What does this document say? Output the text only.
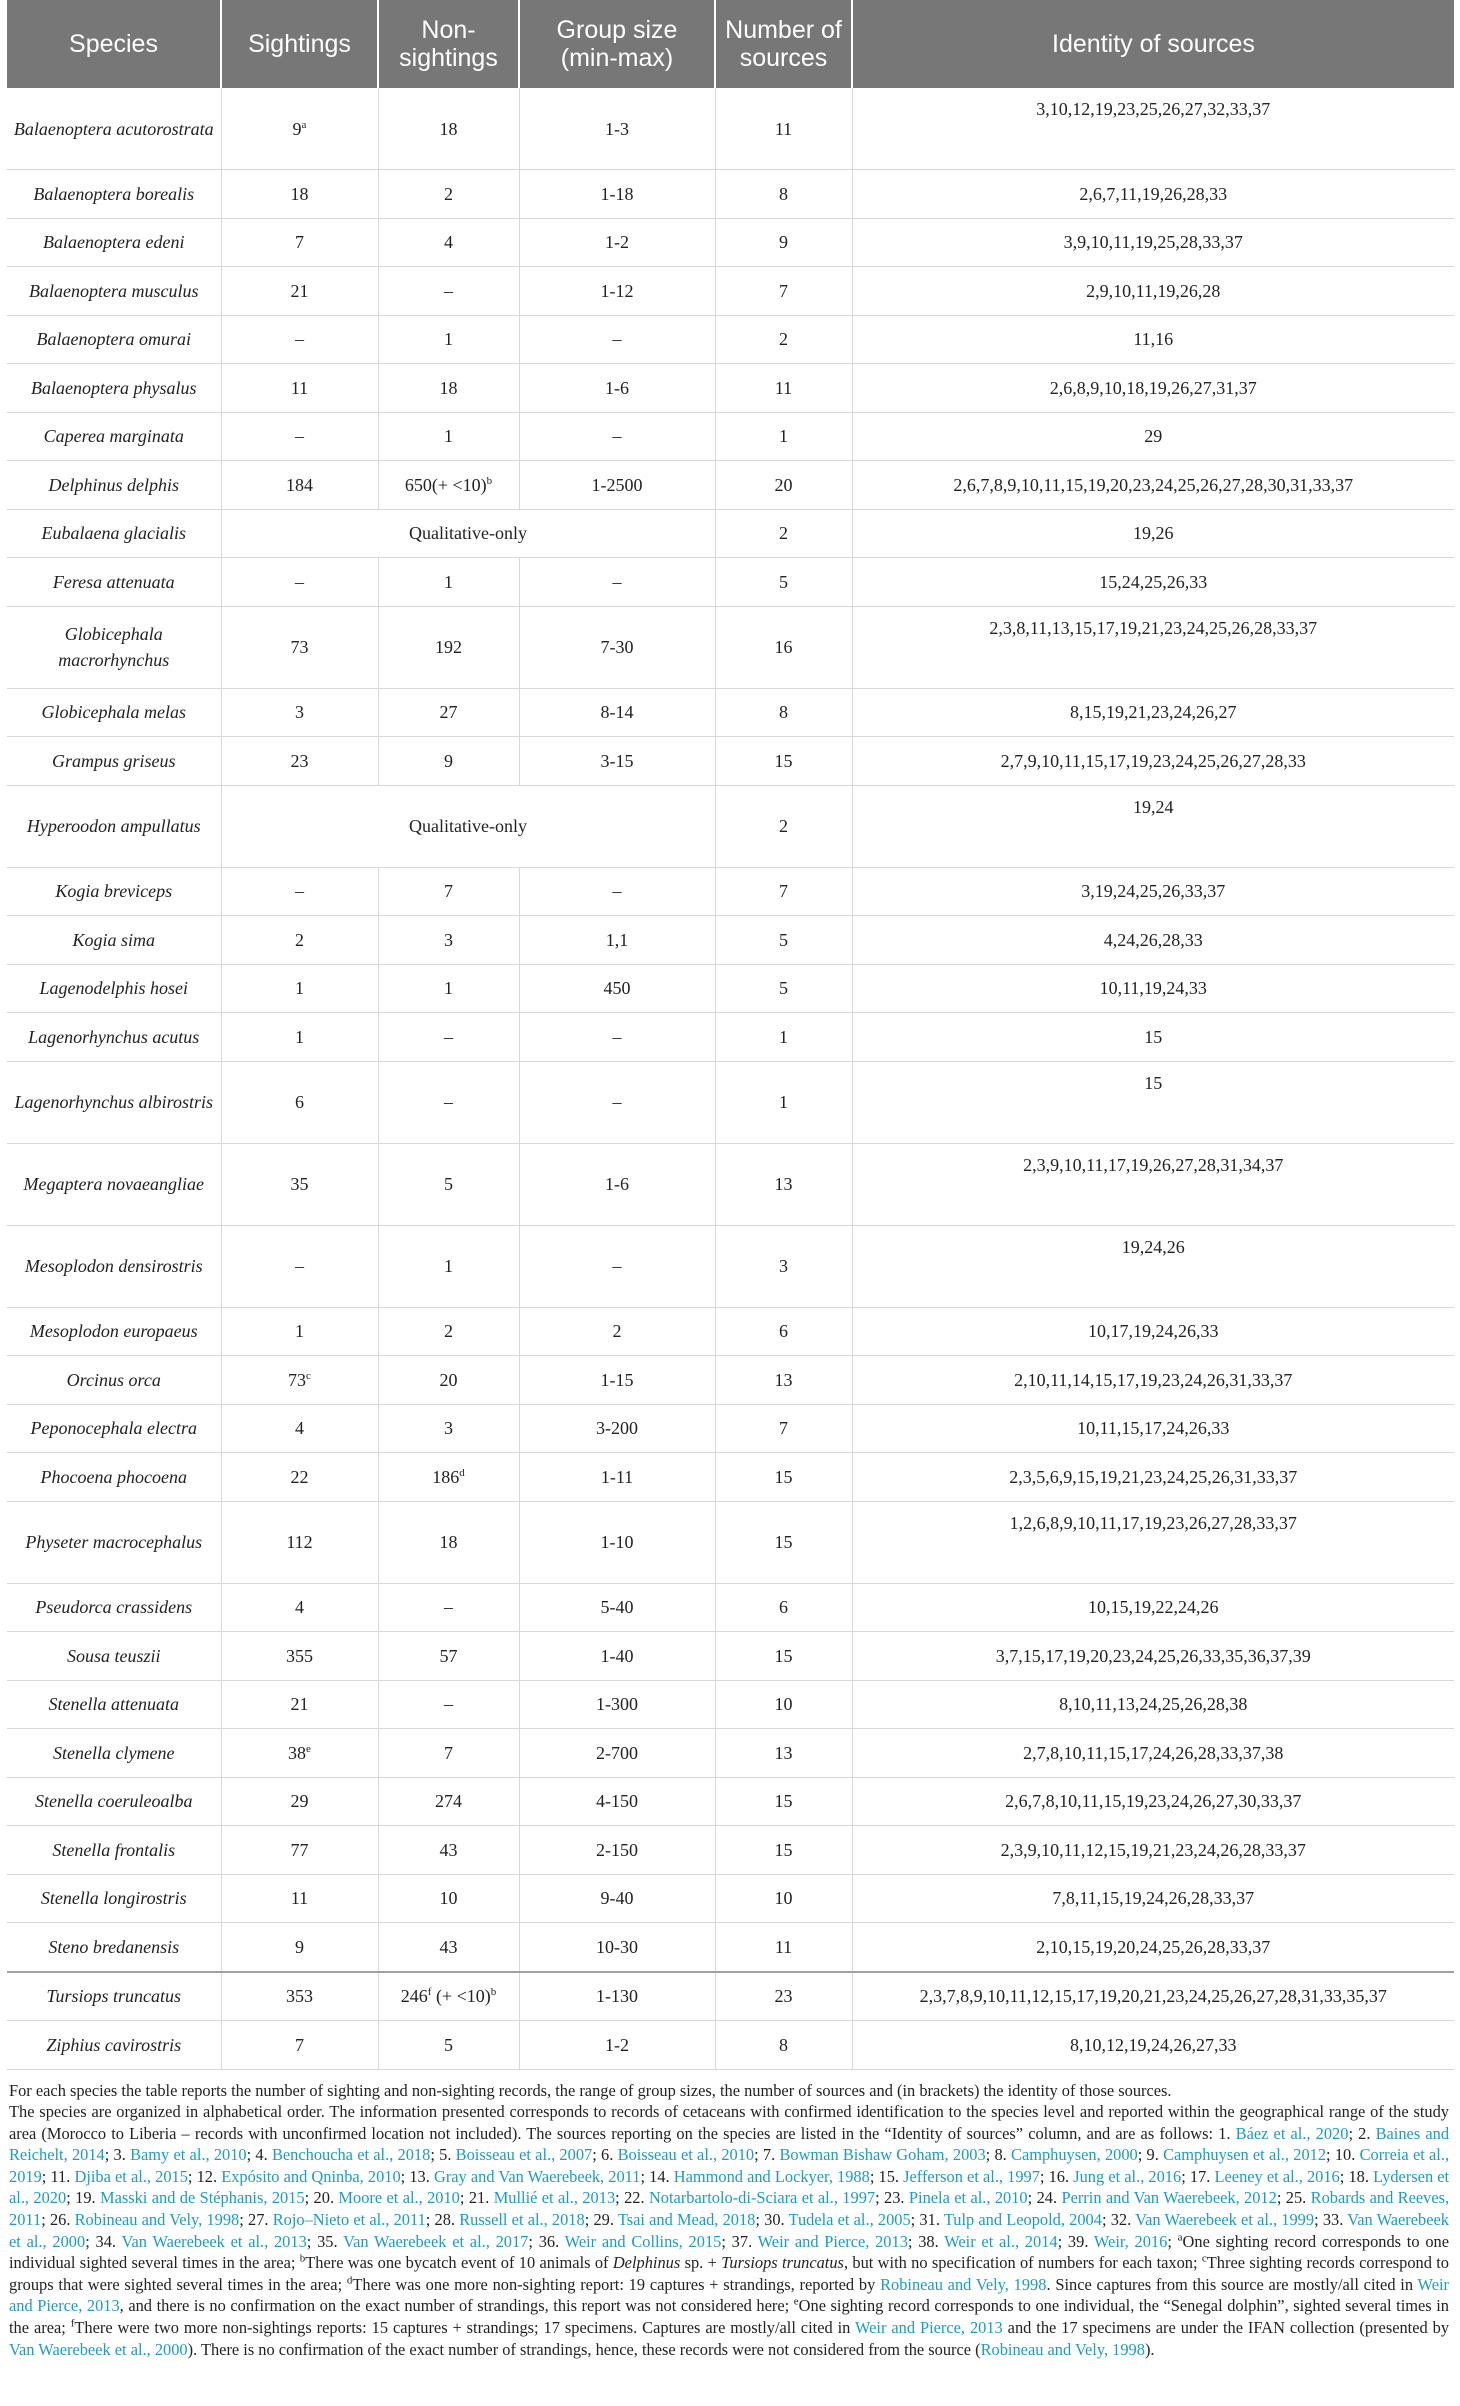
Species	Sightings	Non-sightings	Group size (min-max)	Number of sources	Identity of sources
Balaenoptera acutorostrata	9$^a$	18	1-3	11	3,10,12,19,23,25,26,27,32,33,37
Balaenoptera borealis	18	2	1-18	8	2,6,7,11,19,26,28,33
Balaenoptera edeni	7	4	1-2	9	3,9,10,11,19,25,28,33,37
Balaenoptera musculus	21	–	1-12	7	2,9,10,11,19,26,28
Balaenoptera omurai	–	1	–	2	11,16
Balaenoptera physalus	11	18	1-6	11	2,6,8,9,10,18,19,26,27,31,37
Caperea marginata	–	1	–	1	29
Delphinus delphis	184	650(+ <10)$^b$	1-2500	20	2,6,7,8,9,10,11,15,19,20,23,24,25,26,27,28,30,31,33,37
Eubalaena glacialis	Qualitative-only			2	19,26
Feresa attenuata	–	1	–	5	15,24,25,26,33
Globicephala macrorhynchus	73	192	7-30	16	2,3,8,11,13,15,17,19,21,23,24,25,26,28,33,37
Globicephala melas	3	27	8-14	8	8,15,19,21,23,24,26,27
Grampus griseus	23	9	3-15	15	2,7,9,10,11,15,17,19,23,24,25,26,27,28,33
Hyperoodon ampullatus	Qualitative-only			2	19,24
Kogia breviceps	–	7	–	7	3,19,24,25,26,33,37
Kogia sima	2	3	1,1	5	4,24,26,28,33
Lagenodelphis hosei	1	1	450	5	10,11,19,24,33
Lagenorhynchus acutus	1	–	–	1	15
Lagenorhynchus albirostris	6	–	–	1	15
Megaptera novaeangliae	35	5	1-6	13	2,3,9,10,11,17,19,26,27,28,31,34,37
Mesoplodon densirostris	–	1	–	3	19,24,26
Mesoplodon europaeus	1	2	2	6	10,17,19,24,26,33
Orcinus orca	73$^c$	20	1-15	13	2,10,11,14,15,17,19,23,24,26,31,33,37
Peponocephala electra	4	3	3-200	7	10,11,15,17,24,26,33
Phocoena phocoena	22	186$^d$	1-11	15	2,3,5,6,9,15,19,21,23,24,25,26,31,33,37
Physeter macrocephalus	112	18	1-10	15	1,2,6,8,9,10,11,17,19,23,26,27,28,33,37
Pseudorca crassidens	4	–	5-40	6	10,15,19,22,24,26
Sousa teuszii	355	57	1-40	15	3,7,15,17,19,20,23,24,25,26,33,35,36,37,39
Stenella attenuata	21	–	1-300	10	8,10,11,13,24,25,26,28,38
Stenella clymene	38e	7	2-700	13	2,7,8,10,11,15,17,24,26,28,33,37,38
Stenella coeruleoalba	29	274	4-150	15	2,6,7,8,10,11,15,19,23,24,26,27,30,33,37
Stenella frontalis	77	43	2-150	15	2,3,9,10,11,12,15,19,21,23,24,26,28,33,37
Stenella longirostris	11	10	9-40	10	7,8,11,15,19,24,26,28,33,37
Steno bredanensis	9	43	10-30	11	2,10,15,19,20,24,25,26,28,33,37
Tursiops truncatus	353	246$^f$ (+ <10)$^b$	1-130	23	2,3,7,8,9,10,11,12,15,17,19,20,21,23,24,25,26,27,28,31,33,35,37
Ziphius cavirostris	7	5	1-2	8	8,10,12,19,24,26,27,33

For each species the table reports the number of sighting and non-sighting records, the range of group sizes, the number of sources and (in brackets) the identity of those sources.

The species are organized in alphabetical order. The information presented corresponds to records of cetaceans with confirmed identification to the species level and reported within the geographical range of the study area (Morocco to Liberia – records with unconfirmed location not included). The sources reporting on the species are listed in the “Identity of sources” column, and are as follows: 1. Báez et al., 2020; 2. Baines and Reichelt, 2014; 3. Bamy et al., 2010; 4. Benchoucha et al., 2018; 5. Boisseau et al., 2007; 6. Boisseau et al., 2010; 7. Bowman Bishaw Goham, 2003; 8. Camphuysen, 2000; 9. Camphuysen et al., 2012; 10. Correia et al., 2019; 11. Djiba et al., 2015; 12. Expósito and Qninba, 2010; 13. Gray and Van Waerebeek, 2011; 14. Hammond and Lockyer, 1988; 15. Jefferson et al., 1997; 16. Jung et al., 2016; 17. Leeney et al., 2016; 18. Lydersen et al., 2020; 19. Masski and de Stéphanis, 2015; 20. Moore et al., 2010; 21. Mullié et al., 2013; 22. Notarbartolo-di-Sciara et al., 1997; 23. Pinela et al., 2010; 24. Perrin and Van Waerebeek, 2012; 25. Robards and Reeves, 2011; 26. Robineau and Vely, 1998; 27. Rojo–Nieto et al., 2011; 28. Russell et al., 2018; 29. Tsai and Mead, 2018; 30. Tudela et al., 2005; 31. Tulp and Leopold, 2004; 32. Van Waerebeek et al., 1999; 33. Van Waerebeek et al., 2000; 34. Van Waerebeek et al., 2013; 35. Van Waerebeek et al., 2017; 36. Weir and Collins, 2015; 37. Weir and Pierce, 2013; 38. Weir et al., 2014; 39. Weir, 2016; $^a$One sighting record corresponds to one individual sighted several times in the area; $^b$There was one bycatch event of 10 animals of Delphinus sp. + Tursiops truncatus, but with no specification of numbers for each taxon; $^c$Three sighting records correspond to groups that were sighted several times in the area; $^d$There was one more non-sighting report: 19 captures + strandings, reported by Robineau and Vely, 1998. Since captures from this source are mostly/all cited in Weir and Pierce, 2013, and there is no confirmation on the exact number of strandings, this report was not considered here; $^e$One sighting record corresponds to one individual, the “Senegal dolphin”, sighted several times in the area; $^f$There were two more non-sightings reports: 15 captures + strandings; 17 specimens. Captures are mostly/all cited in Weir and Pierce, 2013 and the 17 specimens are under the IFAN collection (presented by Van Waerebeek et al., 2000). There is no confirmation of the exact number of strandings, hence, these records were not considered from the source (Robineau and Vely, 1998).
